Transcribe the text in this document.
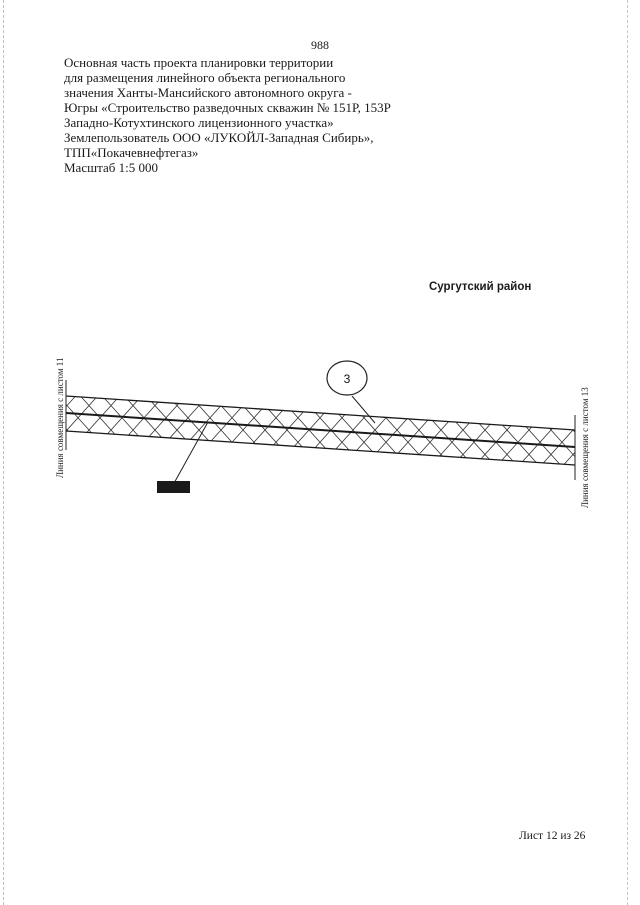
988
Основная часть проекта планировки территории
для размещения линейного объекта регионального
значения Ханты-Мансийского автономного округа -
Югры «Строительство разведочных скважин № 151Р, 153Р
Западно-Котухтинского лицензионного участка»
Землепользователь ООО «ЛУКОЙЛ-Западная Сибирь»,
ТПП«Покачевнефтегаз»
Масштаб 1:5 000
Сургутский район
3
Линия совмещения с листом 11	Линия совмещения с листом 13
Лист 12 из 26
